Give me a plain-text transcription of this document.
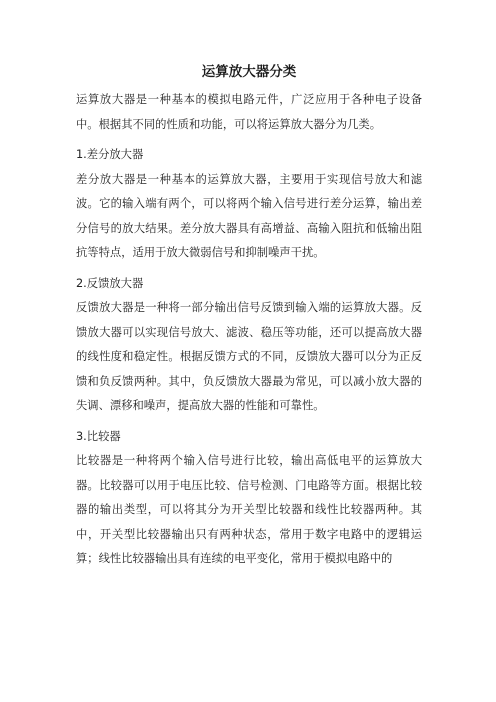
运算放大器分类

运算放大器是一种基本的模拟电路元件，广泛应用于各种电子设备中。根据其不同的性质和功能，可以将运算放大器分为几类。

1.差分放大器

差分放大器是一种基本的运算放大器，主要用于实现信号放大和滤波。它的输入端有两个，可以将两个输入信号进行差分运算，输出差分信号的放大结果。差分放大器具有高增益、高输入阻抗和低输出阻抗等特点，适用于放大微弱信号和抑制噪声干扰。

2.反馈放大器

反馈放大器是一种将一部分输出信号反馈到输入端的运算放大器。反馈放大器可以实现信号放大、滤波、稳压等功能，还可以提高放大器的线性度和稳定性。根据反馈方式的不同，反馈放大器可以分为正反馈和负反馈两种。其中，负反馈放大器最为常见，可以减小放大器的失调、漂移和噪声，提高放大器的性能和可靠性。

3.比较器

比较器是一种将两个输入信号进行比较，输出高低电平的运算放大器。比较器可以用于电压比较、信号检测、门电路等方面。根据比较器的输出类型，可以将其分为开关型比较器和线性比较器两种。其中，开关型比较器输出只有两种状态，常用于数字电路中的逻辑运算；线性比较器输出具有连续的电平变化，常用于模拟电路中的
